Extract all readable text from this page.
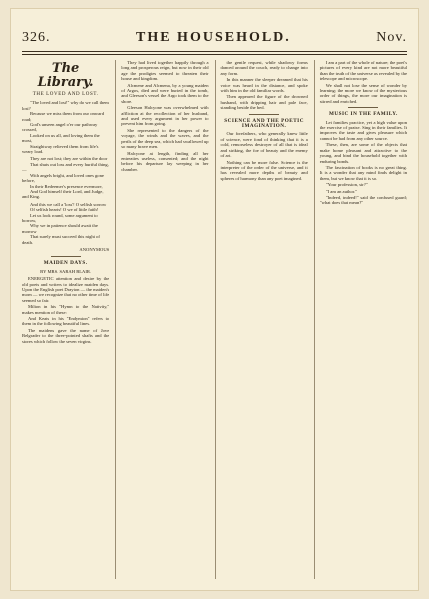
326.	THE HOUSEHOLD.	Nov.
The Library.
THE LOVED AND LOST.

"The loved and lost!" why do we call them lost?

Because we miss them from our onward road;

God's unseen angel o'er our pathway crossed,

Looked on us all, and loving them the most,

Straightway relieved them from life's weary load.

They are not lost; they are within the door

That shuts out loss and every hurtful thing,—

With angels bright, and loved ones gone before,

In their Redeemer's presence evermore,

And God himself their Lord, and Judge, and King.

And this we call a 'loss'! O selfish sorrow

Of selfish hearts! O we of little faith!

Let us look round, some argument to borrow,

Why we in patience should await the morrow

That surely must succeed this night of death.

ANONYMOUS
MAIDEN DAYS.
BY MRS. SARAH BLAIR.

ENERGETIC attention and desire by the old poets and writers to idealize maiden days. Upon the English poet Drayton — the maiden's morn — we recognize that no other time of life seemed so fair.

Milton in his "Hymn to the Nativity," makes mention of these:

And Keats in his "Endymion" refers to them in the following beautiful lines.

The maidens gave the name of Jove Belgrader to the three-pointed shafts and the stores which follow the seven virgins.

They had lived together happily through a long and prosperous reign, but now in their old age the prodigies seemed to threaten their house and kingdom.

Alcmene and Alcmena, by a young maiden of Argos, died and were buried in the tomb, and Gleeson's vessel the Argo took them to the shore.

Gleeson Halcyone was overwhelmed with affliction at the recollection of her husband, and used every argument in her power to prevent him from going.

She represented to the dangers of the voyage, the winds and the waves, and the perils of the deep sea, which had swallowed up so many brave men.

Halcyone at length, finding all her entreaties useless, consented; and the night before his departure lay weeping in her chamber.

the gentle request, while shadowy forms danced around the couch, ready to change into any form.

In this manner the sleeper dreamed that his voice was heard in the distance, and spoke with him in the old familiar words.

Then appeared the figure of the drowned husband, with dripping hair and pale face, standing beside the bed.

SCIENCE AND THE POETIC IMAGINATION.

Our forefathers, who generally knew little of science, were fond of thinking that it is a cold, remorseless destroyer of all that is ideal and striking, the foe of beauty and the enemy of art.

Nothing can be more false. Science is the interpreter of the order of the universe, and it has revealed more depths of beauty and spheres of harmony than any poet imagined.

I am a part of the whole of nature; the poet's pictures of every kind are not more beautiful than the truth of the universe as revealed by the telescope and microscope.

We shall not lose the sense of wonder by learning; the more we know of the mysterious order of things, the more our imagination is stirred and enriched.

MUSIC IN THE FAMILY.

Let families practice, yet a high value upon the exercise of praise. Sing in their families. It improves the taste and gives pleasure which cannot be had from any other source.

These, then, are some of the objects that make home pleasant and attractive to the young, and bind the household together with enduring bonds.

The fascination of books is no great thing. It is a wonder that any mind finds delight in them, but we know that it is so.

"Your profession, sir?"

"I am an author."

"Indeed, indeed!" said the confused guard; "what does that mean?"
